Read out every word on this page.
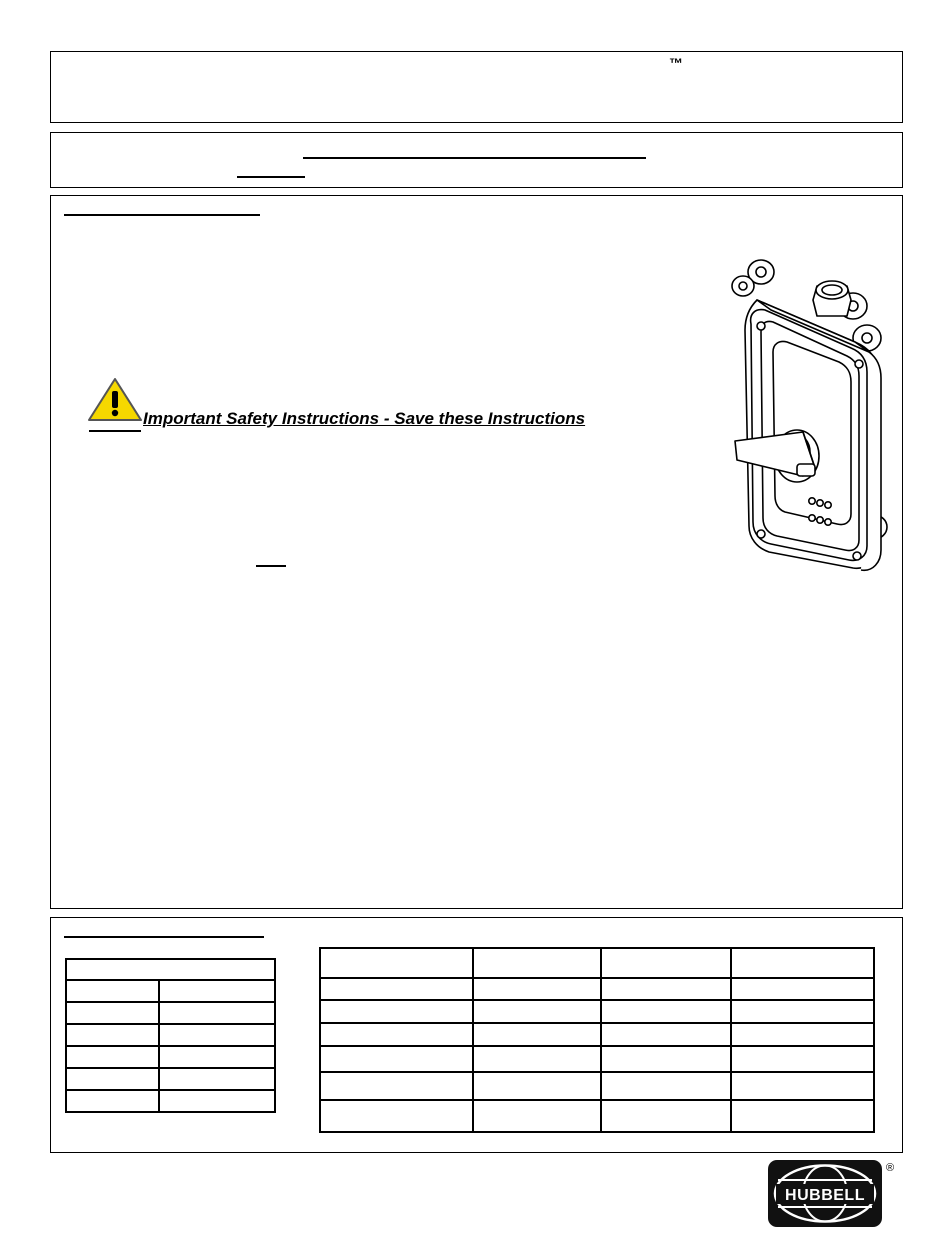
™
Important Safety Instructions - Save these Instructions

HUBBELL
®
